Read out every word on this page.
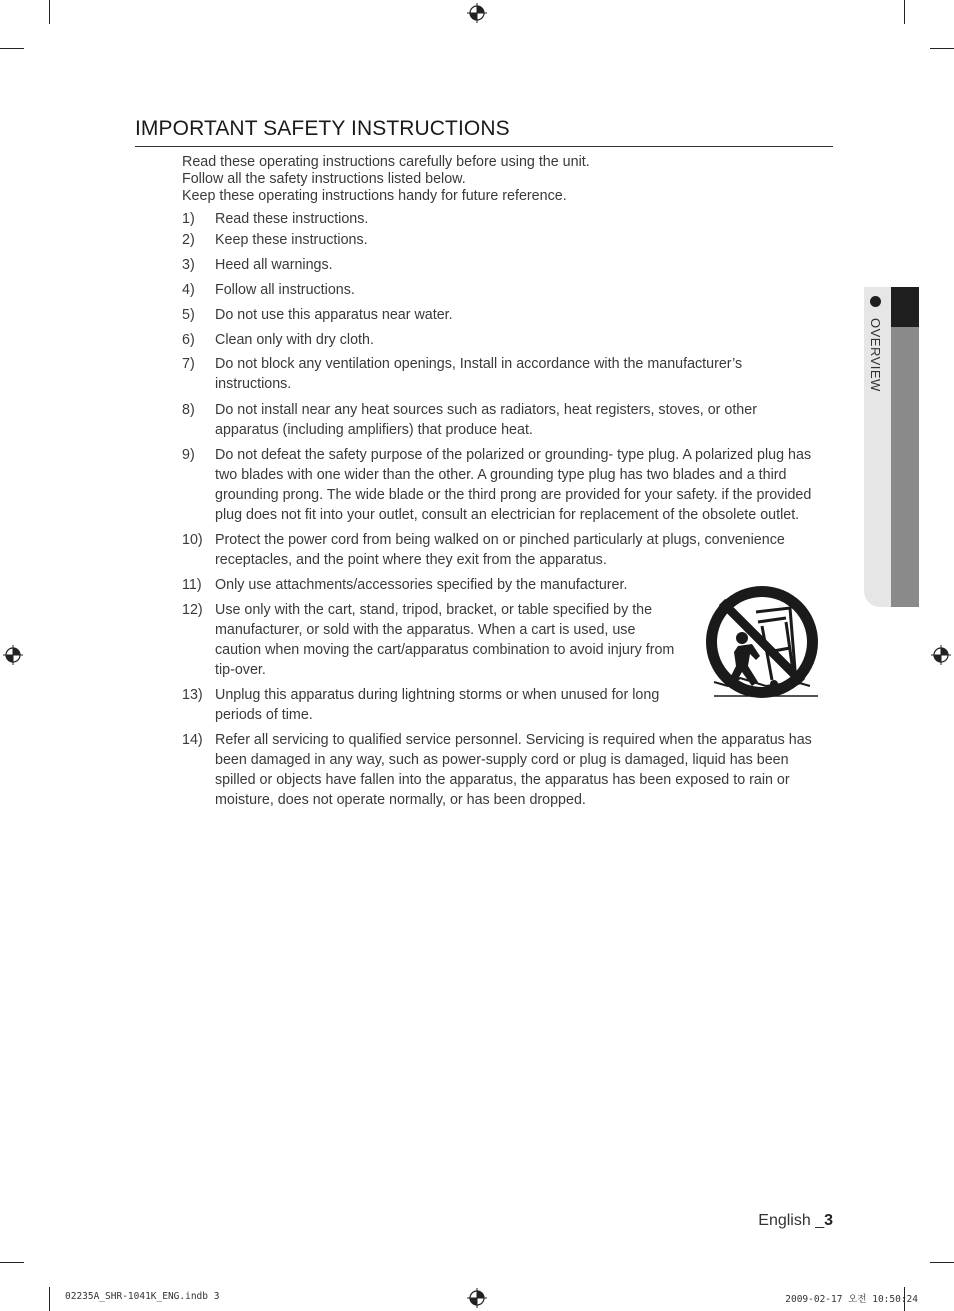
IMPORTANT SAFETY INSTRUCTIONS
Read these operating instructions carefully before using the unit.
Follow all the safety instructions listed below.
Keep these operating instructions handy for future reference.
1) Read these instructions.
2) Keep these instructions.
3) Heed all warnings.
4) Follow all instructions.
5) Do not use this apparatus near water.
6) Clean only with dry cloth.
7) Do not block any ventilation openings, Install in accordance with the manufacturer’s
instructions.
8) Do not install near any heat sources such as radiators, heat registers, stoves, or other
apparatus (including amplifiers) that produce heat.
9) Do not defeat the safety purpose of the polarized or grounding- type plug. A polarized plug has
two blades with one wider than the other. A grounding type plug has two blades and a third
grounding prong. The wide blade or the third prong are provided for your safety. if the provided
plug does not fit into your outlet, consult an electrician for replacement of the obsolete outlet.
10) Protect the power cord from being walked on or pinched particularly at plugs, convenience
receptacles, and the point where they exit from the apparatus.
11) Only use attachments/accessories specified by the manufacturer.
12) Use only with the cart, stand, tripod, bracket, or table specified by the
manufacturer, or sold with the apparatus. When a cart is used, use
caution when moving the cart/apparatus combination to avoid injury from
tip-over.
13) Unplug this apparatus during lightning storms or when unused for long
periods of time.
14) Refer all servicing to qualified service personnel. Servicing is required when the apparatus has
been damaged in any way, such as power-supply cord or plug is damaged, liquid has been
spilled or objects have fallen into the apparatus, the apparatus has been exposed to rain or
moisture, does not operate normally, or has been dropped.
OVERVIEW
English _3
02235A_SHR-1041K_ENG.indb 3	2009-02-17 오전 10:50:24
